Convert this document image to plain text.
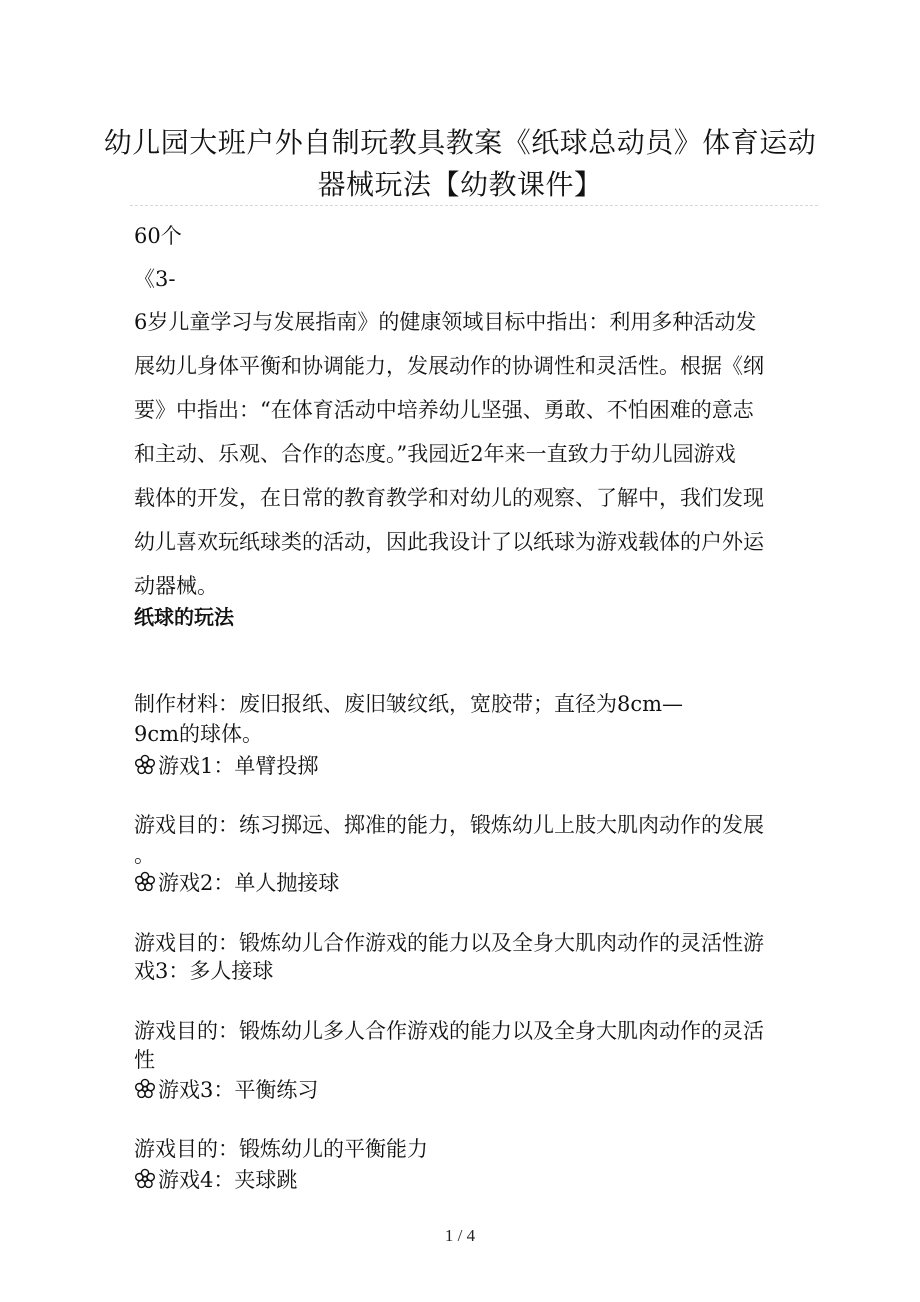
幼儿园大班户外自制玩教具教案《纸球总动员》体育运动
器械玩法【幼教课件】
60个
《3-
6岁儿童学习与发展指南》的健康领域目标中指出：利用多种活动发
展幼儿身体平衡和协调能力，发展动作的协调性和灵活性。根据《纲
要》中指出：“在体育活动中培养幼儿坚强、勇敢、不怕困难的意志
和主动、乐观、合作的态度。”我园近2年来一直致力于幼儿园游戏
载体的开发，在日常的教育教学和对幼儿的观察、了解中，我们发现
幼儿喜欢玩纸球类的活动，因此我设计了以纸球为游戏载体的户外运
动器械。
纸球的玩法
制作材料：废旧报纸、废旧皱纹纸，宽胶带；直径为8cm—
9cm的球体。
游戏1：单臂投掷
游戏目的：练习掷远、掷准的能力，锻炼幼儿上肢大肌肉动作的发展
。
游戏2：单人抛接球
游戏目的：锻炼幼儿合作游戏的能力以及全身大肌肉动作的灵活性游
戏3：多人接球
游戏目的：锻炼幼儿多人合作游戏的能力以及全身大肌肉动作的灵活
性
游戏3：平衡练习
游戏目的：锻炼幼儿的平衡能力
游戏4：夹球跳
1 / 4
